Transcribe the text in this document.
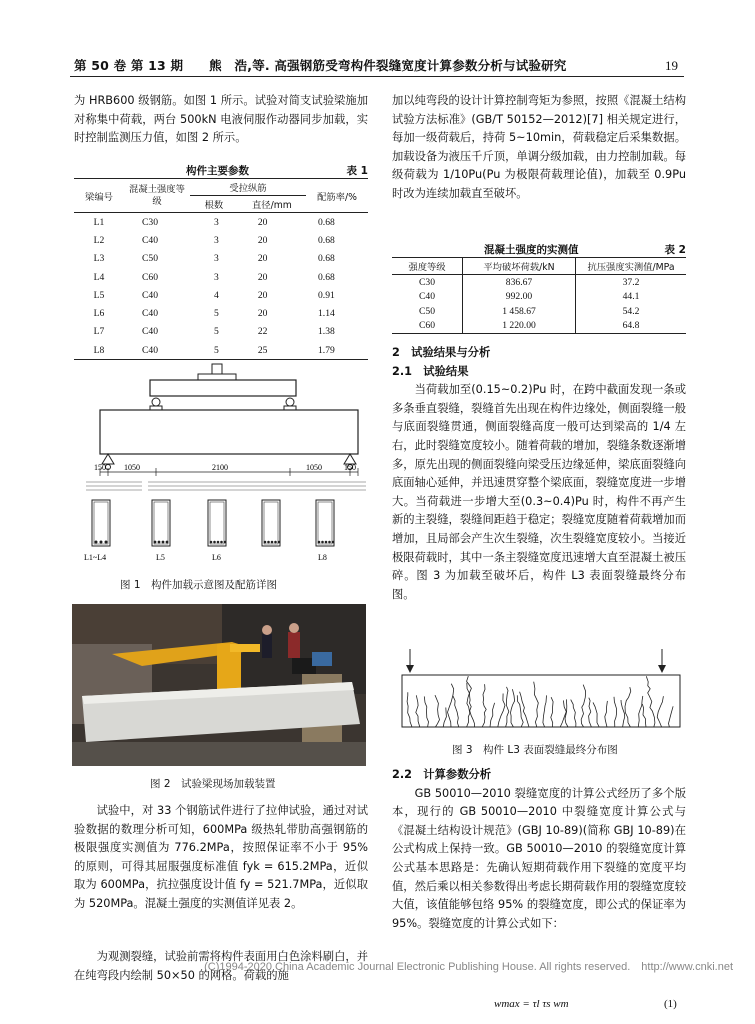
第 50 卷 第 13 期 熊　浩,等. 高强钢筋受弯构件裂缝宽度计算参数分析与试验研究	19

为 HRB600 级钢筋。如图 1 所示。试验对简支试验梁施加对称集中荷载，两台 500kN 电液伺服作动器同步加载，实时控制监测压力值，如图 2 所示。

构件主要参数	表 1
梁编号	混凝土强度等级	受拉纵筋		配筋率/%
		根数	直径/mm	
L1	C30	3	20	0.68
L2	C40	3	20	0.68
L3	C50	3	20	0.68
L4	C60	3	20	0.68
L5	C40	4	20	0.91
L6	C40	5	20	1.14
L7	C40	5	22	1.38
L8	C40	5	25	1.79
150 1050	2100	1050	150
L1~L4	L5	L6	L8
图 1　构件加载示意图及配筋详图
图 2　试验梁现场加载装置

试验中，对 33 个钢筋试件进行了拉伸试验，通过对试验数据的数理分析可知，600MPa 级热轧带肋高强钢筋的极限强度实测值为 776.2MPa，按照保证率不小于 95% 的原则，可得其屈服强度标准值 fyk = 615.2MPa，近似取为 600MPa，抗拉强度设计值 fy = 521.7MPa，近似取为 520MPa。混凝土强度的实测值详见表 2。

为观测裂缝，试验前需将构件表面用白色涂料刷白，并在纯弯段内绘制 50×50 的网格。荷载的施

加以纯弯段的设计计算控制弯矩为参照，按照《混凝土结构试验方法标准》(GB/T 50152—2012)[7] 相关规定进行，每加一级荷载后，持荷 5~10min，荷载稳定后采集数据。加载设备为液压千斤顶，单调分级加载，由力控制加载。每级荷载为 1/10Pu(Pu 为极限荷载理论值)，加载至 0.9Pu 时改为连续加载直至破坏。

混凝土强度的实测值	表 2
强度等级	平均破坏荷载/kN	抗压强度实测值/MPa
C30	836.67	37.2
C40	992.00	44.1
C50	1 458.67	54.2
C60	1 220.00	64.8

2　试验结果与分析

2.1　试验结果

当荷载加至(0.15~0.2)Pu 时，在跨中截面发现一条或多条垂直裂缝，裂缝首先出现在构件边缘处，侧面裂缝一般与底面裂缝贯通，侧面裂缝高度一般可达到梁高的 1/4 左右，此时裂缝宽度较小。随着荷载的增加，裂缝条数逐渐增多，原先出现的侧面裂缝向梁受压边缘延伸，梁底面裂缝向底面轴心延伸，并迅速贯穿整个梁底面，裂缝宽度进一步增大。当荷载进一步增大至(0.3~0.4)Pu 时，构件不再产生新的主裂缝，裂缝间距趋于稳定；裂缝宽度随着荷载增加而增加，且局部会产生次生裂缝，次生裂缝宽度较小。当接近极限荷载时，其中一条主裂缝宽度迅速增大直至混凝土被压碎。图 3 为加载至破坏后，构件 L3 表面裂缝最终分布图。

图 3　构件 L3 表面裂缝最终分布图

2.2　计算参数分析

GB 50010—2010 裂缝宽度的计算公式经历了多个版本，现行的 GB 50010—2010 中裂缝宽度计算公式与《混凝土结构设计规范》(GBJ 10-89)(简称 GBJ 10-89)在公式构成上保持一致。GB 50010—2010 的裂缝宽度计算公式基本思路是：先确认短期荷载作用下裂缝的宽度平均值，然后乘以相关参数得出考虑长期荷载作用的裂缝宽度较大值，该值能够包络 95% 的裂缝宽度，即公式的保证率为 95%。裂缝宽度的计算公式如下：

wmax = τl τs wm	(1)
(C)1994-2020 China Academic Journal Electronic Publishing House. All rights reserved.　http://www.cnki.net
